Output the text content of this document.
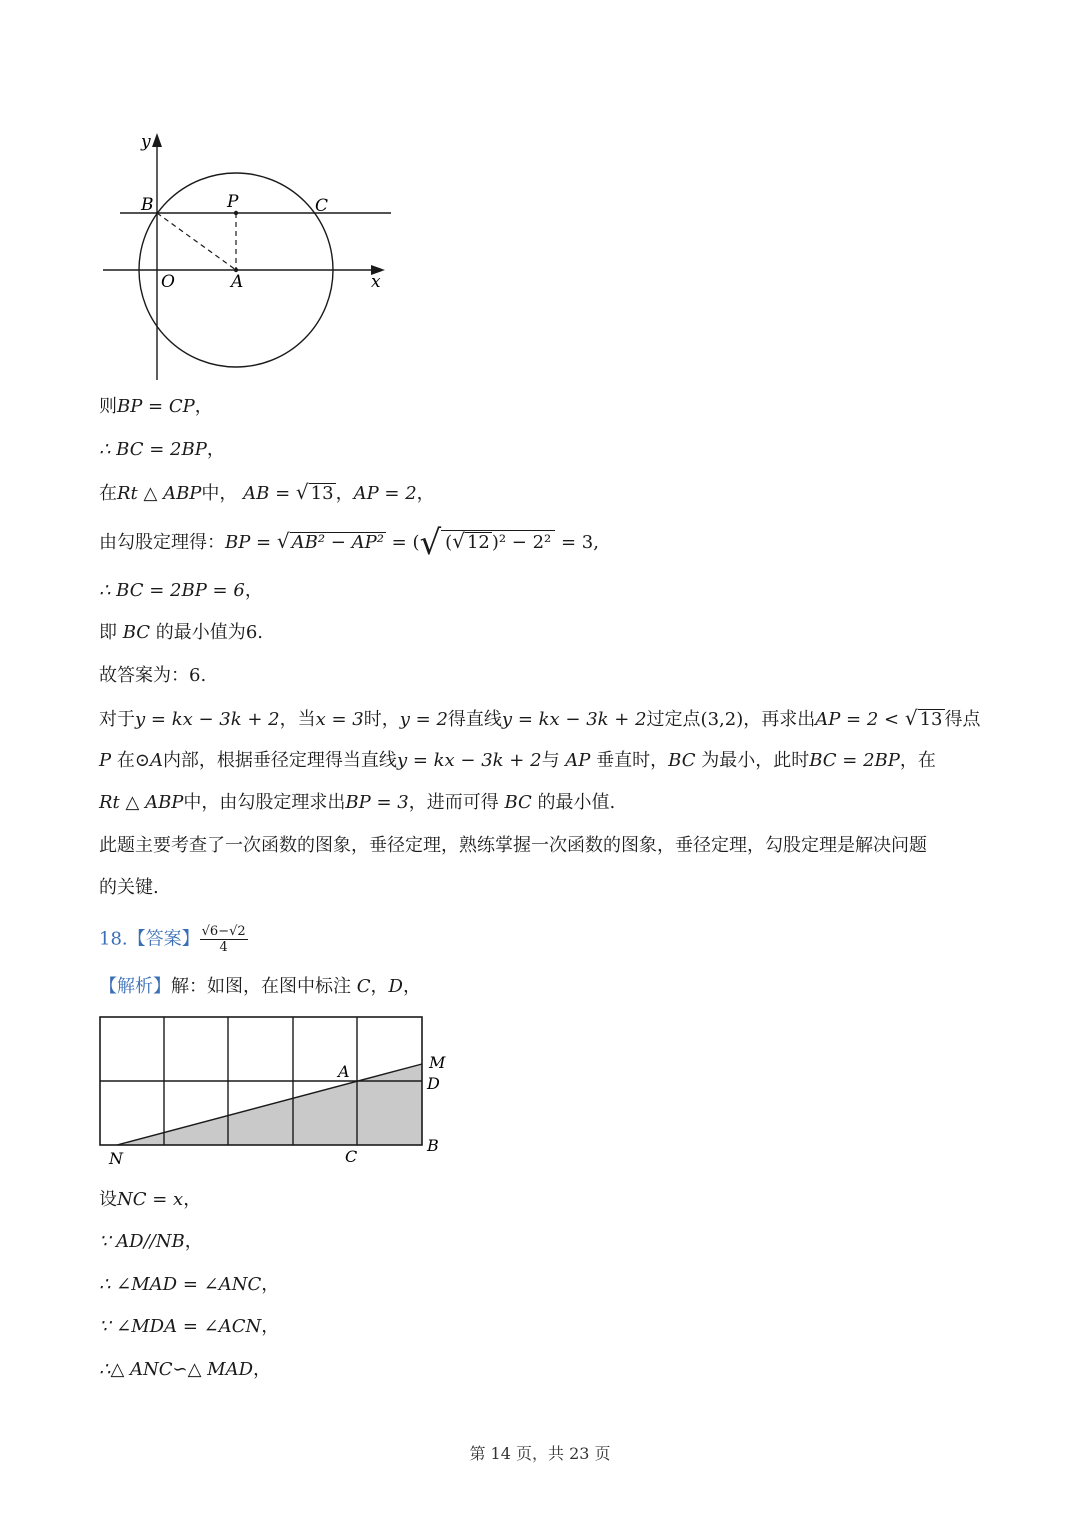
y
B	P	C
O	A	x
则BP = CP，
∴ BC = 2BP，
在Rt △ ABP中， AB = √ 13 ，AP = 2，
由勾股定理得：BP = √ AB² − AP² = (√ (√ 12 )² − 2² = 3,
∴ BC = 2BP = 6，
即 BC 的最小值为6.
故答案为：6.
对于y = kx − 3k + 2，当x = 3时，y = 2得直线y = kx − 3k + 2过定点(3,2)，再求出AP = 2 < √ 13 得点
P 在⊙A内部，根据垂径定理得当直线y = kx − 3k + 2与 AP 垂直时，BC 为最小，此时BC = 2BP，在
Rt △ ABP中，由勾股定理求出BP = 3，进而可得 BC 的最小值.
此题主要考查了一次函数的图象，垂径定理，熟练掌握一次函数的图象，垂径定理，勾股定理是解决问题
的关键.
18.【答案】 $\frac{√6-√2}{4}$
【解析】解：如图，在图中标注 C，D，
A	M
D
N	C
B
设NC = x，
∵ AD//NB，
∴ ∠MAD = ∠ANC，
∵ ∠MDA = ∠ACN，
∴△ ANC∽△ MAD，
第 14 页，共 23 页
